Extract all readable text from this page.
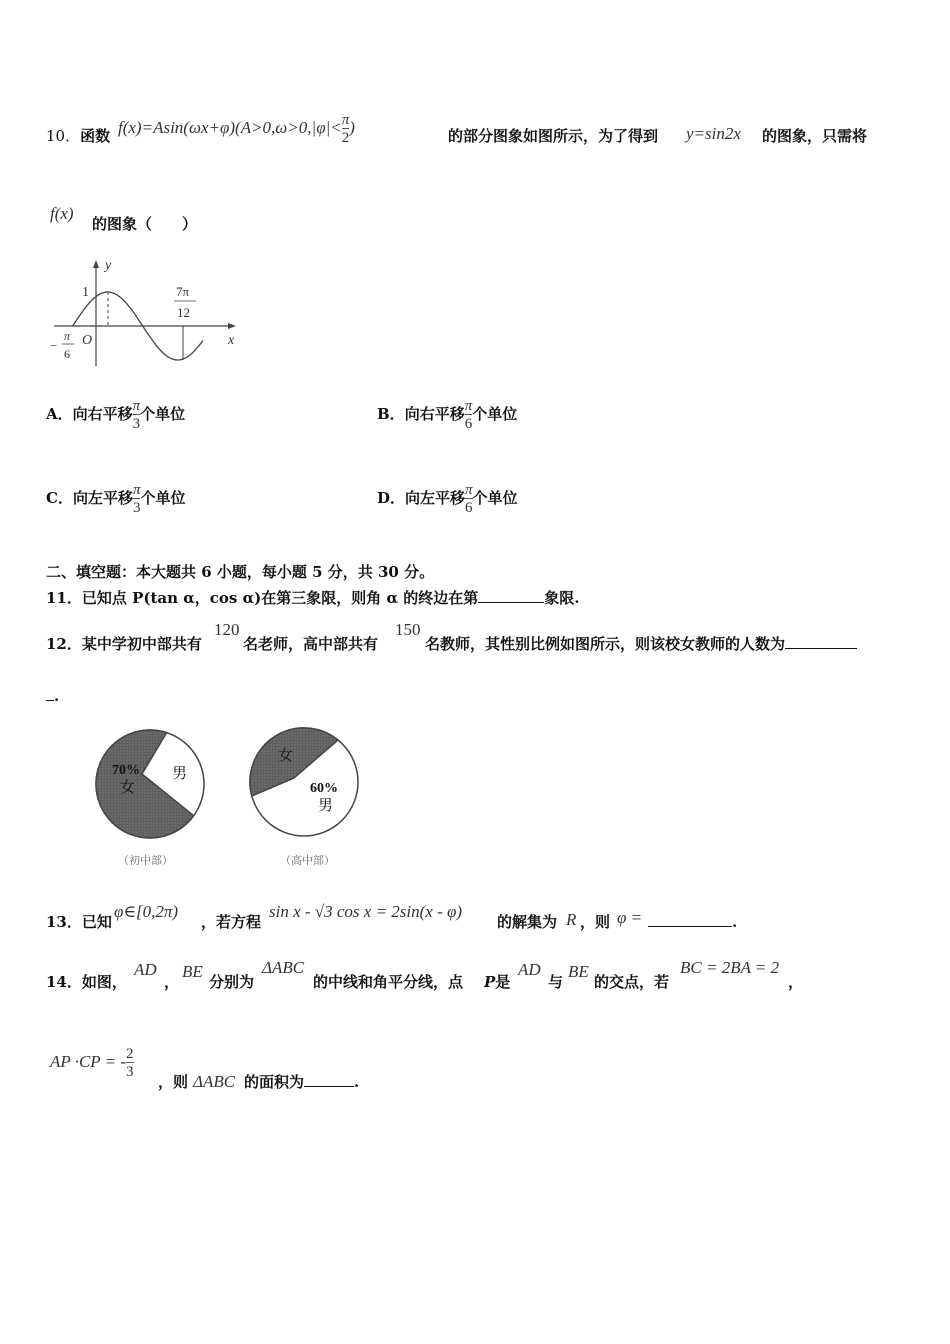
10．函数 $f(x)=Asin(\omega x+\varphi)(A>0,\omega>0,|\varphi|< \frac{\pi}{2}$ )	的部分图象如图所示，为了得到 y=sin2x 的图象，只需将
f(x)
的图象（　　）
y
x
O
1	7π
12
−
π
6
A．向右平移 $\frac{\pi}{3}$ 个单位	B．向右平移 $\frac{\pi}{6}$ 个单位
C．向左平移 $\frac{\pi}{3}$ 个单位	D．向左平移 $\frac{\pi}{6}$ 个单位
二、填空题：本大题共 6 小题，每小题 5 分，共 30 分。
11．已知点 P(tan α，cos α)在第三象限，则角 α 的终边在第	象限.
12．某中学初中部共有
120
名老师，高中部共有
150
名教师，其性别比例如图所示，则该校女教师的人数为
.
70%
女
男
（初中部）
女
60%
男
（高中部）
13．已知
φ∈[0,2π)
，若方程
sin x - √3 cos x = 2sin(x - φ)
的解集为 R ，则 φ =	.
14．如图，
AD
，
BE
分别为
ΔABC
的中线和角平分线，点 P是
AD
与
BE
的交点，若
BC = 2BA = 2
，
AP ·CP = - $\frac{2}{3}$
，则 ΔABC 的面积为	.
